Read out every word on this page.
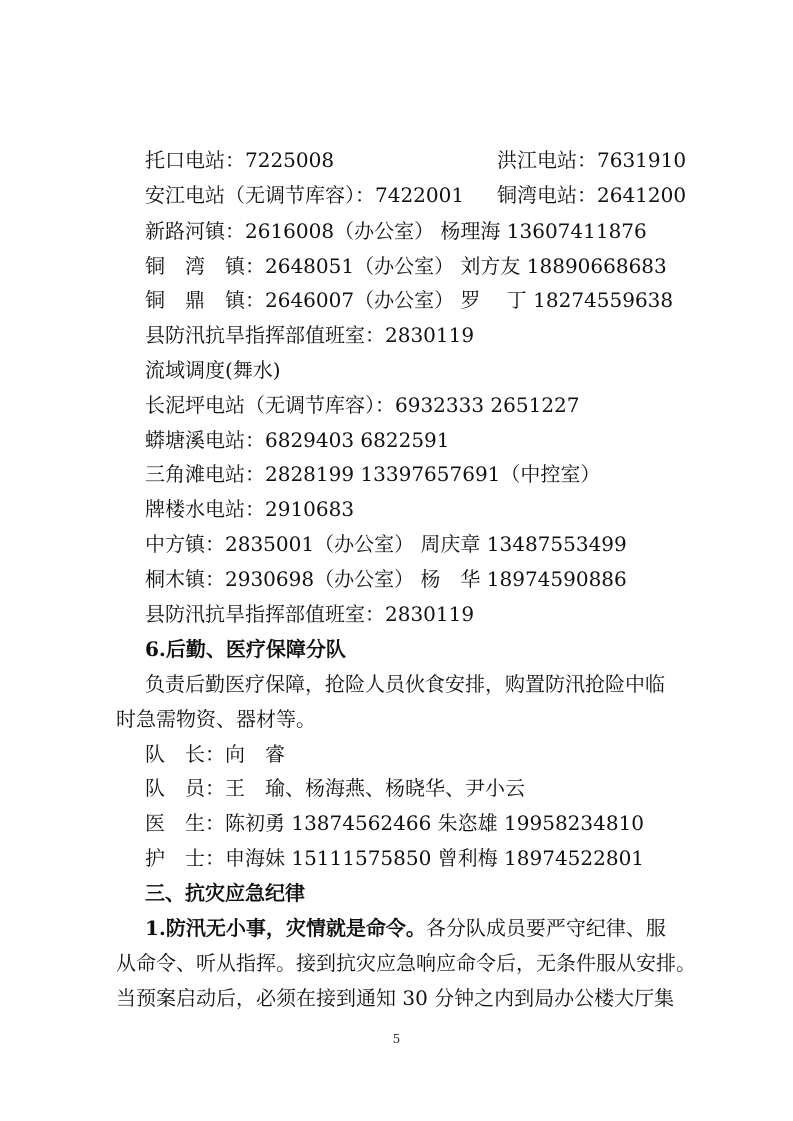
托口电站：7225008	洪江电站：7631910
安江电站（无调节库容）：7422001 铜湾电站：2641200
新路河镇：2616008（办公室） 杨理海 13607411876
铜　湾　镇：2648051（办公室） 刘方友 18890668683
铜　鼎　镇：2646007（办公室） 罗　 丁 18274559638
县防汛抗旱指挥部值班室：2830119
流域调度(舞水)
长泥坪电站（无调节库容）：6932333 2651227
蟒塘溪电站：6829403 6822591
三角滩电站：2828199 13397657691（中控室）
牌楼水电站：2910683
中方镇：2835001（办公室） 周庆章 13487553499
桐木镇：2930698（办公室） 杨　华 18974590886
县防汛抗旱指挥部值班室：2830119
6.后勤、医疗保障分队
负责后勤医疗保障，抢险人员伙食安排，购置防汛抢险中临
时急需物资、器材等。
队　长：向　睿
队　员：王　瑜、杨海燕、杨晓华、尹小云
医　生：陈初勇 13874562466 朱恣雄 19958234810
护　士：申海妹 15111575850 曾利梅 18974522801
三、抗灾应急纪律
1.防汛无小事，灾情就是命令。各分队成员要严守纪律、服
从命令、听从指挥。接到抗灾应急响应命令后，无条件服从安排。
当预案启动后，必须在接到通知 30 分钟之内到局办公楼大厅集
5
